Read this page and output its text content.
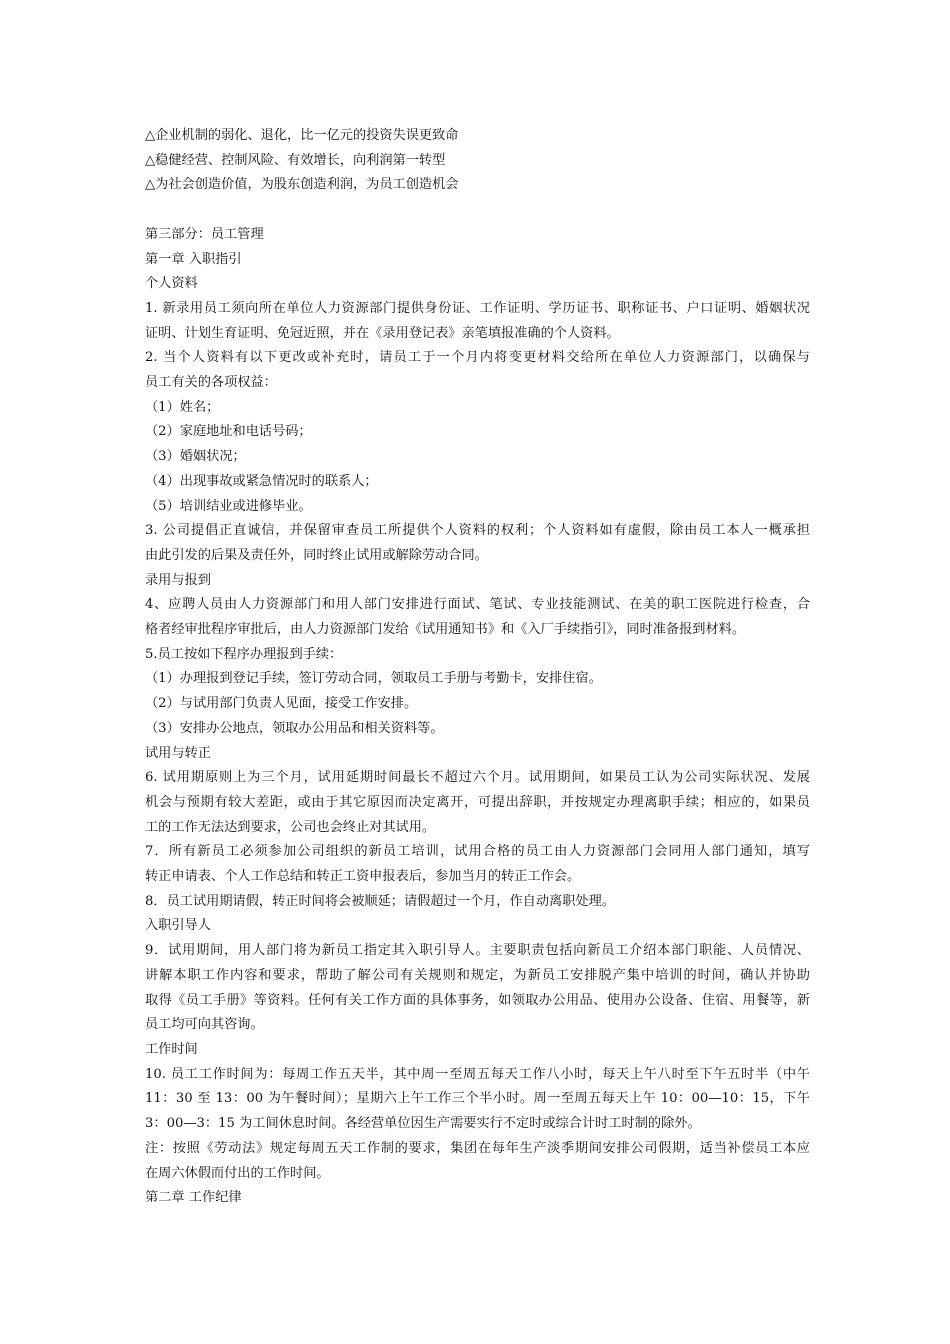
△企业机制的弱化、退化，比一亿元的投资失误更致命
△稳健经营、控制风险、有效增长，向利润第一转型
△为社会创造价值，为股东创造利润，为员工创造机会
第三部分：员工管理
第一章 入职指引
个人资料
1. 新录用员工须向所在单位人力资源部门提供身份证、工作证明、学历证书、职称证书、户口证明、婚姻状况
证明、计划生育证明、免冠近照，并在《录用登记表》亲笔填报准确的个人资料。
2. 当个人资料有以下更改或补充时，请员工于一个月内将变更材料交给所在单位人力资源部门，以确保与
员工有关的各项权益：
（1）姓名；
（2）家庭地址和电话号码；
（3）婚姻状况；
（4）出现事故或紧急情况时的联系人；
（5）培训结业或进修毕业。
3. 公司提倡正直诚信，并保留审查员工所提供个人资料的权利；个人资料如有虚假，除由员工本人一概承担
由此引发的后果及责任外，同时终止试用或解除劳动合同。
录用与报到
4、应聘人员由人力资源部门和用人部门安排进行面试、笔试、专业技能测试、在美的职工医院进行检查，合
格者经审批程序审批后，由人力资源部门发给《试用通知书》和《入厂手续指引》，同时准备报到材料。
5.员工按如下程序办理报到手续：
（1）办理报到登记手续，签订劳动合同，领取员工手册与考勤卡，安排住宿。
（2）与试用部门负责人见面，接受工作安排。
（3）安排办公地点，领取办公用品和相关资料等。
试用与转正
6. 试用期原则上为三个月，试用延期时间最长不超过六个月。试用期间，如果员工认为公司实际状况、发展
机会与预期有较大差距，或由于其它原因而决定离开，可提出辞职，并按规定办理离职手续；相应的，如果员
工的工作无法达到要求，公司也会终止对其试用。
7．所有新员工必须参加公司组织的新员工培训，试用合格的员工由人力资源部门会同用人部门通知，填写
转正申请表、个人工作总结和转正工资申报表后，参加当月的转正工作会。
8．员工试用期请假，转正时间将会被顺延；请假超过一个月，作自动离职处理。
入职引导人
9．试用期间，用人部门将为新员工指定其入职引导人。主要职责包括向新员工介绍本部门职能、人员情况、
讲解本职工作内容和要求，帮助了解公司有关规则和规定，为新员工安排脱产集中培训的时间，确认并协助
取得《员工手册》等资料。任何有关工作方面的具体事务，如领取办公用品、使用办公设备、住宿、用餐等，新
员工均可向其咨询。
工作时间
10. 员工工作时间为：每周工作五天半，其中周一至周五每天工作八小时，每天上午八时至下午五时半（中午
11：30 至 13：00 为午餐时间）；星期六上午工作三个半小时。周一至周五每天上午 10：00—10：15，下午
3：00—3：15 为工间休息时间。各经营单位因生产需要实行不定时或综合计时工时制的除外。
注：按照《劳动法》规定每周五天工作制的要求，集团在每年生产淡季期间安排公司假期，适当补偿员工本应
在周六休假而付出的工作时间。
第二章 工作纪律
